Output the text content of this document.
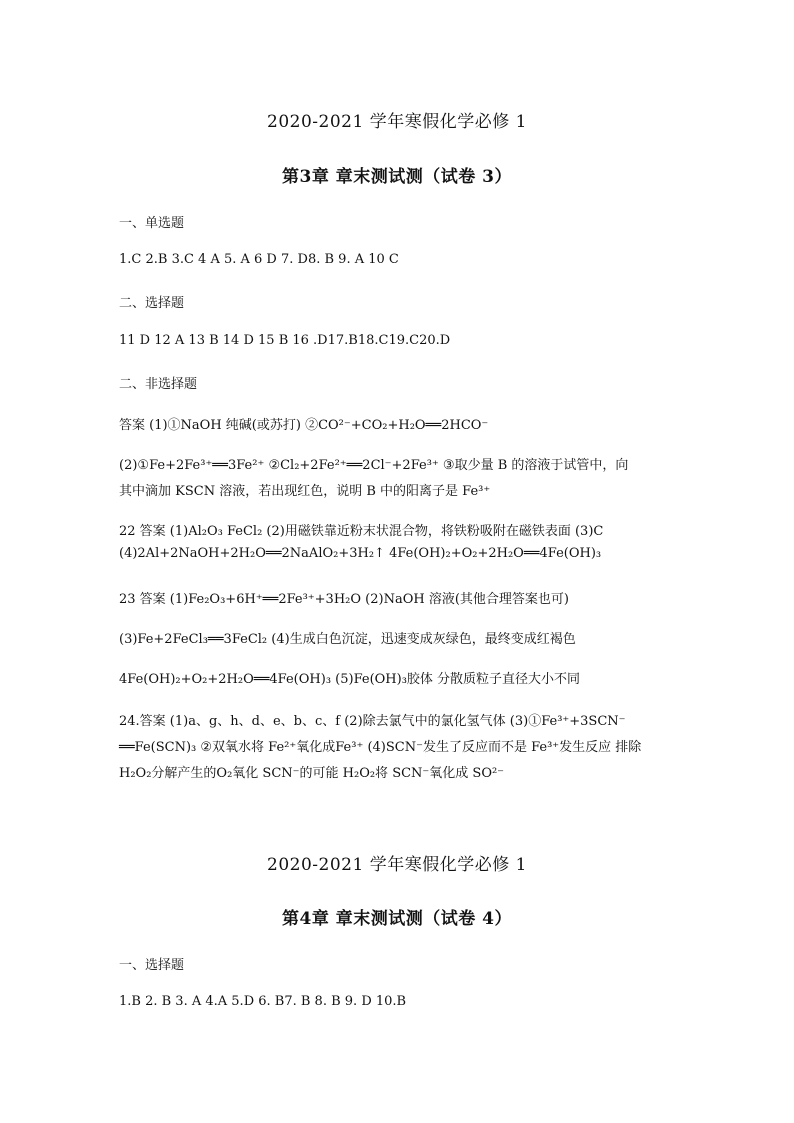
2020-2021 学年寒假化学必修 1
第3章 章末测试测（试卷 3）
一、单选题
1.C 2.B 3.C 4 A 5. A 6 D 7. D8. B 9. A 10 C
二、选择题
11 D 12 A 13 B 14 D 15 B 16 .D17.B18.C19.C20.D
二、非选择题
答案 (1)①NaOH 纯碱(或苏打) ②CO²⁻+CO₂+H₂O══2HCO⁻
(2)①Fe+2Fe³⁺══3Fe²⁺ ②Cl₂+2Fe²⁺══2Cl⁻+2Fe³⁺ ③取少量 B 的溶液于试管中，向
其中滴加 KSCN 溶液，若出现红色，说明 B 中的阳离子是 Fe³⁺
22 答案 (1)Al₂O₃ FeCl₂ (2)用磁铁靠近粉末状混合物，将铁粉吸附在磁铁表面 (3)C
(4)2Al+2NaOH+2H₂O══2NaAlO₂+3H₂↑ 4Fe(OH)₂+O₂+2H₂O══4Fe(OH)₃
23 答案 (1)Fe₂O₃+6H⁺══2Fe³⁺+3H₂O (2)NaOH 溶液(其他合理答案也可)
(3)Fe+2FeCl₃══3FeCl₂ (4)生成白色沉淀，迅速变成灰绿色，最终变成红褐色
4Fe(OH)₂+O₂+2H₂O══4Fe(OH)₃ (5)Fe(OH)₃胶体 分散质粒子直径大小不同
24.答案 (1)a、g、h、d、e、b、c、f (2)除去氯气中的氯化氢气体 (3)①Fe³⁺+3SCN⁻
══Fe(SCN)₃ ②双氧水将 Fe²⁺氧化成Fe³⁺ (4)SCN⁻发生了反应而不是 Fe³⁺发生反应 排除
H₂O₂分解产生的O₂氧化 SCN⁻的可能 H₂O₂将 SCN⁻氧化成 SO²⁻
2020-2021 学年寒假化学必修 1
第4章 章末测试测（试卷 4）
一、选择题
1.B 2. B 3. A 4.A 5.D 6. B7. B 8. B 9. D 10.B
